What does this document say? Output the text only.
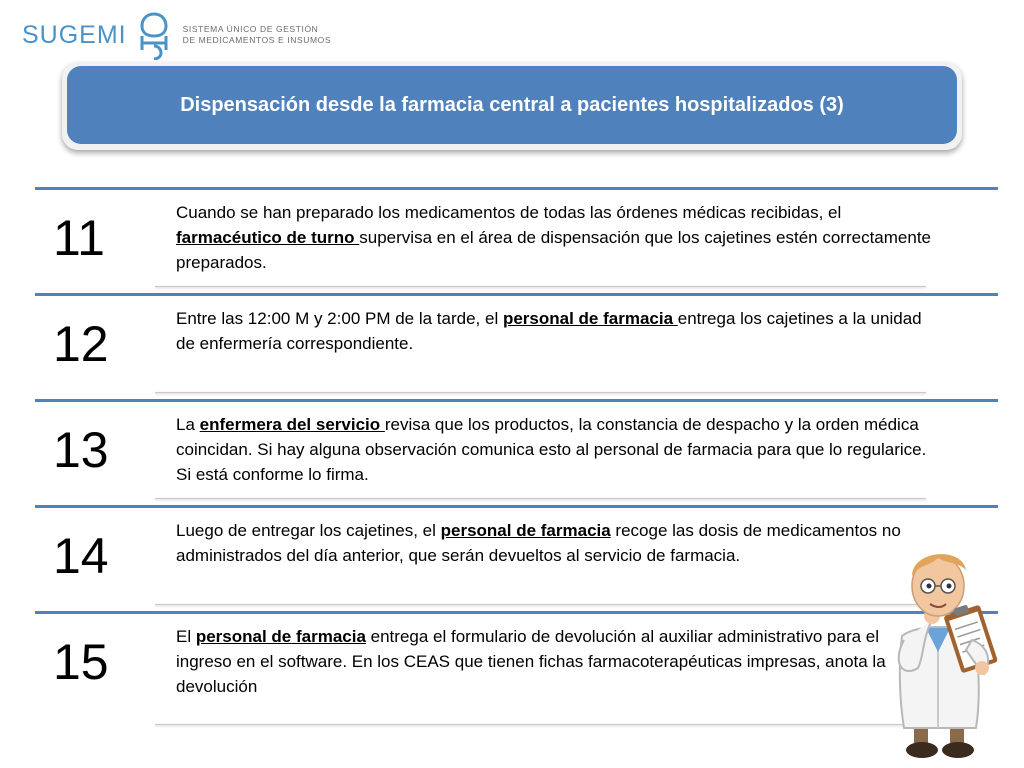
SUGEMI	SISTEMA ÚNICO DE GESTIÓN
DE MEDICAMENTOS E INSUMOS
Dispensación desde la farmacia central a pacientes hospitalizados (3)
11	Cuando se han preparado los medicamentos de todas las órdenes médicas recibidas, el farmacéutico de turno supervisa en el área de dispensación que los cajetines estén correctamente preparados.
12	Entre las 12:00 M y 2:00 PM de la tarde, el personal de farmacia entrega los cajetines a la unidad de enfermería correspondiente.
13	La enfermera del servicio revisa que los productos, la constancia de despacho y la orden médica coincidan. Si hay alguna observación comunica esto al personal de farmacia para que lo regularice. Si está conforme lo firma.
14	Luego de entregar los cajetines, el personal de farmacia recoge las dosis de medicamentos no administrados del día anterior, que serán devueltos al servicio de farmacia.
15	El personal de farmacia entrega el formulario de devolución al auxiliar administrativo para el ingreso en el software. En los CEAS que tienen fichas farmacoterapéuticas impresas, anota la devolución
